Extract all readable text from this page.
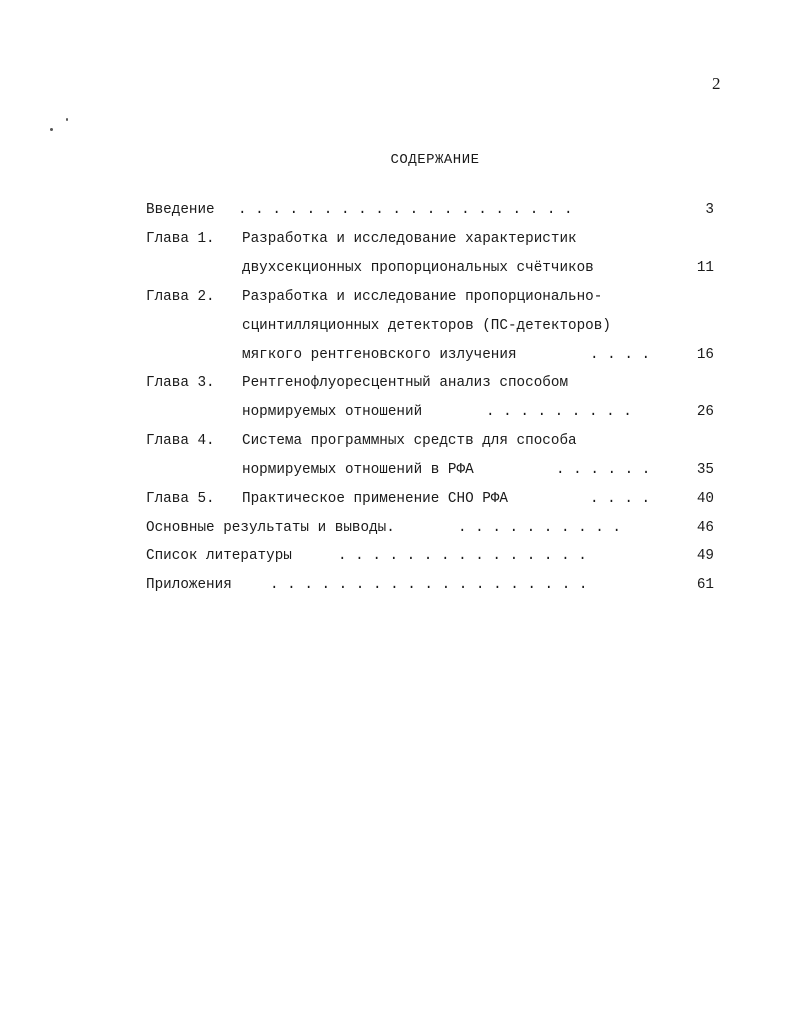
2
СОДЕРЖАНИЕ
Введение . . . . . . . . . . . . . . . . . . . .	3
Глава 1. Разработка и исследование характеристик
двухсекционных пропорциональных счётчиков	11
Глава 2. Разработка и исследование пропорционально-
сцинтилляционных детекторов (ПС-детекторов)
мягкого рентгеновского излучения	. . . .	16
Глава 3. Рентгенофлуоресцентный анализ способом
нормируемых отношений	. . . . . . . . .	26
Глава 4. Система программных средств для способа
нормируемых отношений в РФА	. . . . . .	35
Глава 5. Практическое применение СНО РФА	. . . .	40
Основные результаты и выводы.	. . . . . . . . . .	46
Список литературы	. . . . . . . . . . . . . . .	49
Приложения	. . . . . . . . . . . . . . . . . . .	61
